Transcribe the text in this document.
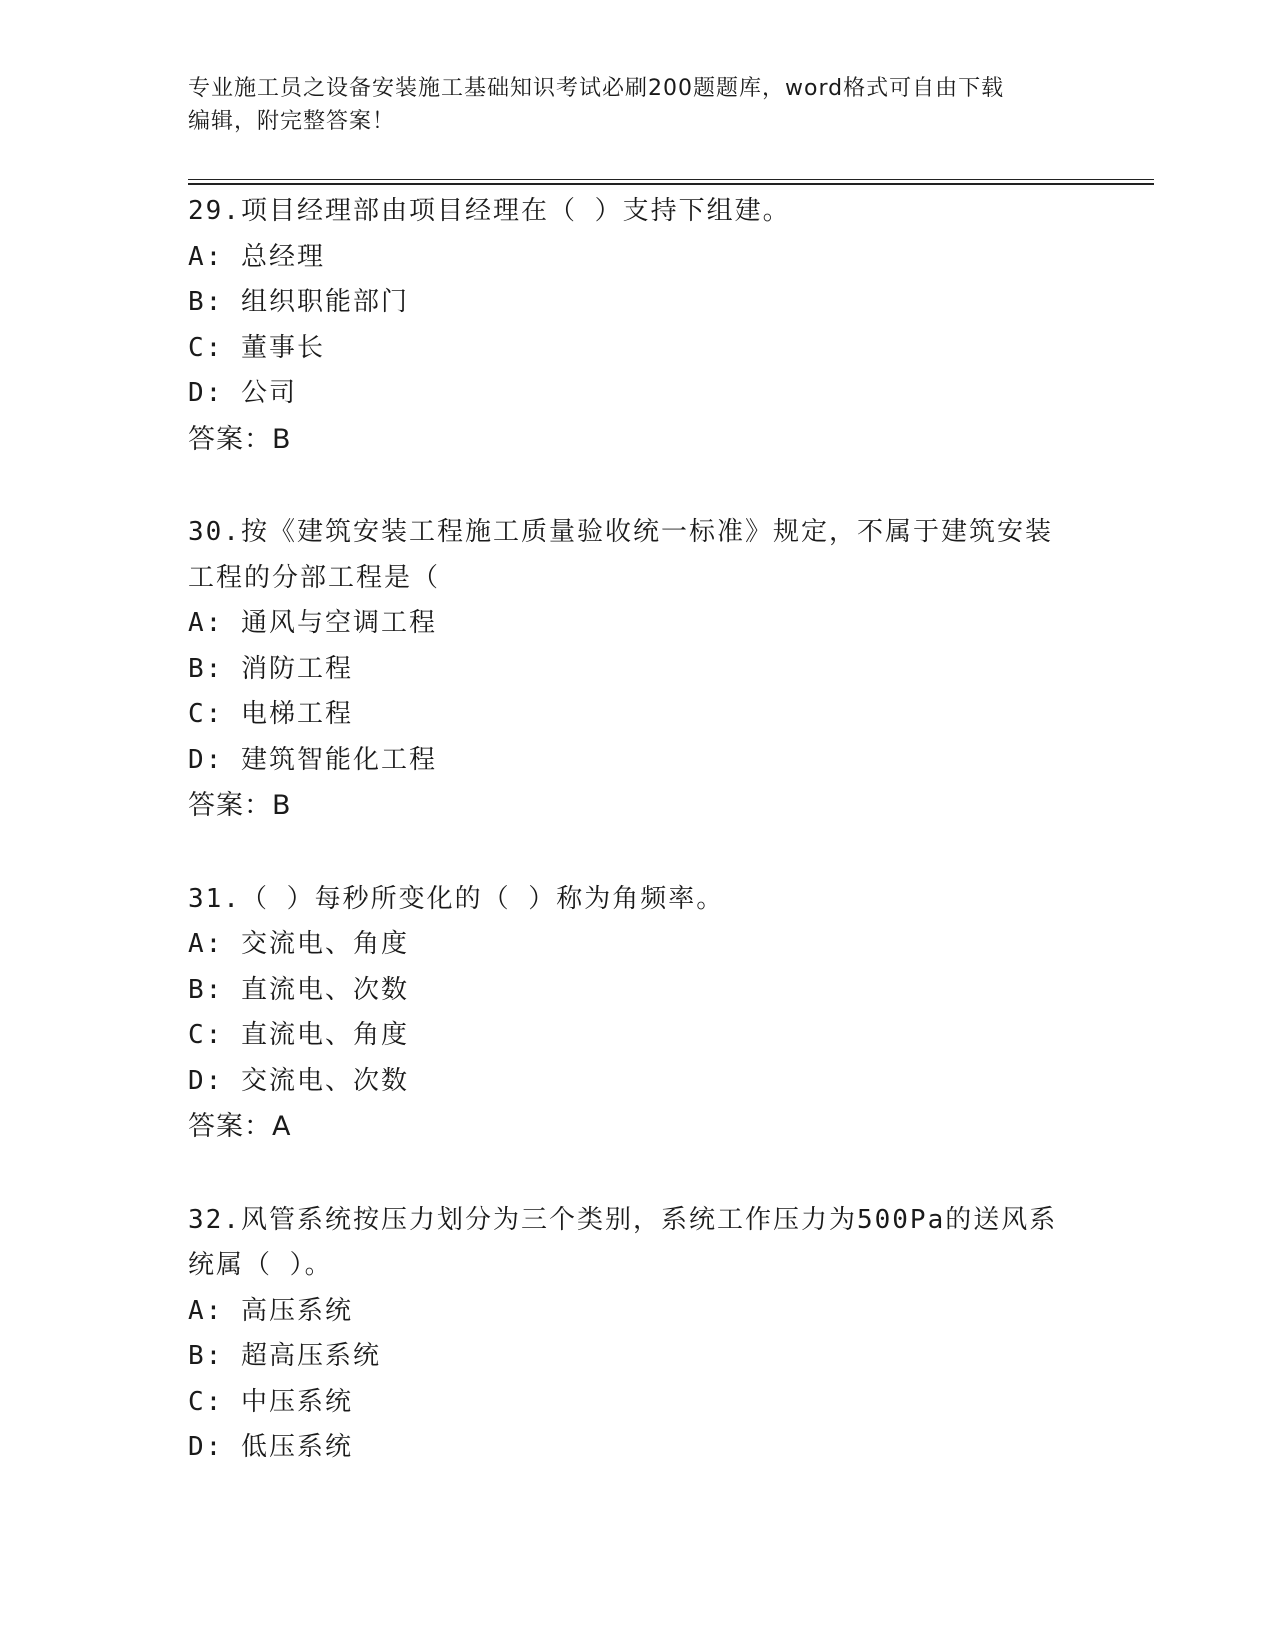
专业施工员之设备安装施工基础知识考试必刷200题题库，word格式可自由下载
编辑，附完整答案！
29.项目经理部由项目经理在（ ）支持下组建。
A: 总经理
B: 组织职能部门
C: 董事长
D: 公司
答案：B
30.按《建筑安装工程施工质量验收统一标准》规定，不属于建筑安装
工程的分部工程是（
A: 通风与空调工程
B: 消防工程
C: 电梯工程
D: 建筑智能化工程
答案：B
31.（ ）每秒所变化的（ ）称为角频率。
A: 交流电、角度
B: 直流电、次数
C: 直流电、角度
D: 交流电、次数
答案：A
32.风管系统按压力划分为三个类别，系统工作压力为500Pa的送风系
统属（ ）。
A: 高压系统
B: 超高压系统
C: 中压系统
D: 低压系统
